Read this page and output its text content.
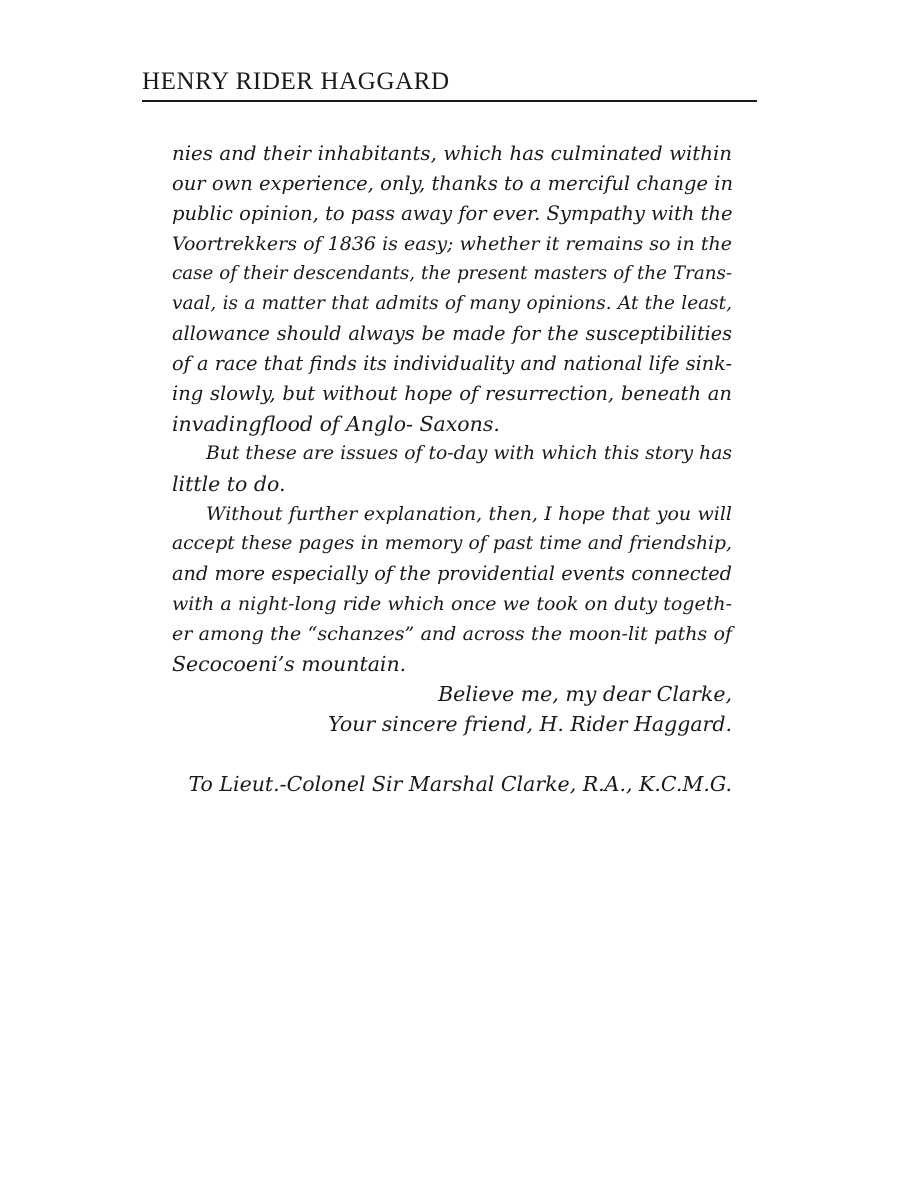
HENRY RIDER HAGGARD
nies and their inhabitants, which has culminated within
our own experience, only, thanks to a merciful change in
public opinion, to pass away for ever. Sympathy with the
Voortrekkers of 1836 is easy; whether it remains so in the
case of their descendants, the present masters of the Trans-
vaal, is a matter that admits of many opinions. At the least,
allowance should always be made for the susceptibilities
of a race that finds its individuality and national life sink-
ing slowly, but without hope of resurrection, beneath an
invadingflood of Anglo- Saxons.
But these are issues of to-day with which this story has
little to do.
Without further explanation, then, I hope that you will
accept these pages in memory of past time and friendship,
and more especially of the providential events connected
with a night-long ride which once we took on duty togeth-
er among the “schanzes” and across the moon-lit paths of
Secocoeni’s mountain.
Believe me, my dear Clarke,
Your sincere friend, H. Rider Haggard.
To Lieut.-Colonel Sir Marshal Clarke, R.A., K.C.M.G.
